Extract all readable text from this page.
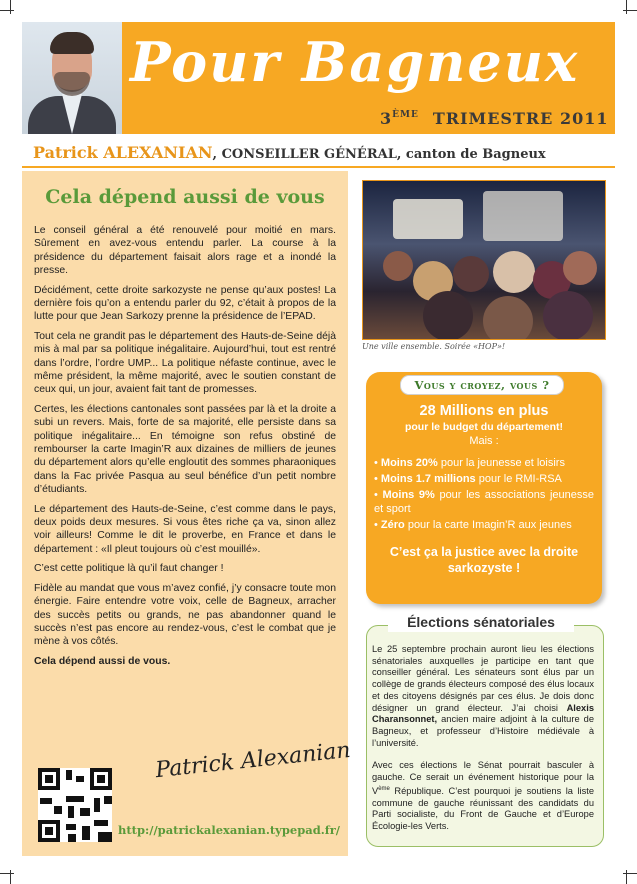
Pour Bagneux
3ÈME TRIMESTRE 2011
Patrick ALEXANIAN, CONSEILLER GÉNÉRAL, canton de Bagneux
Cela dépend aussi de vous

Le conseil général a été renouvelé pour moitié en mars. Sûrement en avez-vous entendu parler. La course à la présidence du département faisait alors rage et a inondé la presse.

Décidément, cette droite sarkozyste ne pense qu’aux postes! La dernière fois qu’on a entendu parler du 92, c’était à propos de la lutte pour que Jean Sarkozy prenne la présidence de l’EPAD.

Tout cela ne grandit pas le département des Hauts-de-Seine déjà mis à mal par sa politique inégalitaire. Aujourd’hui, tout est rentré dans l’ordre, l’ordre UMP... La politique néfaste continue, avec le même président, la même majorité, avec le soutien constant de ceux qui, un jour, avaient fait tant de promesses.

Certes, les élections cantonales sont passées par là et la droite a subi un revers. Mais, forte de sa majorité, elle persiste dans sa politique inégalitaire... En témoigne son refus obstiné de rembourser la carte Imagin’R aux dizaines de milliers de jeunes du département alors qu’elle engloutit des sommes pharaoniques dans la Fac privée Pasqua au seul bénéfice d’un petit nombre d’étudiants.

Le département des Hauts-de-Seine, c’est comme dans le pays, deux poids deux mesures. Si vous êtes riche ça va, sinon allez voir ailleurs! Comme le dit le proverbe, en France et dans le département : «Il pleut toujours où c’est mouillé».

C’est cette politique là qu’il faut changer !

Fidèle au mandat que vous m’avez confié, j’y consacre toute mon énergie. Faire entendre votre voix, celle de Bagneux, arracher des succès petits ou grands, ne pas abandonner quand le succès n’est pas encore au rendez-vous, c’est le combat que je mène à vos côtés.

Cela dépend aussi de vous.

Patrick Alexanian
http://patrickalexanian.typepad.fr/
Une ville ensemble. Soirée «HOP»!
Vous y croyez, vous ?
28 Millions en plus
pour le budget du département!
Mais :
• Moins 20% pour la jeunesse et loisirs
• Moins 1.7 millions pour le RMI-RSA
• Moins 9% pour les associations jeunesse et sport
• Zéro pour la carte Imagin’R aux jeunes
C’est ça la justice avec la droite sarkozyste !
Élections sénatoriales

Le 25 septembre prochain auront lieu les élections sénatoriales auxquelles je participe en tant que conseiller général. Les sénateurs sont élus par un collège de grands électeurs composé des élus locaux et des citoyens désignés par ces élus. Je dois donc désigner un grand électeur. J’ai choisi Alexis Charansonnet, ancien maire adjoint à la culture de Bagneux, et professeur d’Histoire médiévale à l’université.

Avec ces élections le Sénat pourrait basculer à gauche. Ce serait un événement historique pour la Vème République. C’est pourquoi je soutiens la liste commune de gauche réunissant des candidats du Parti socialiste, du Front de Gauche et d’Europe Écologie-les Verts.
